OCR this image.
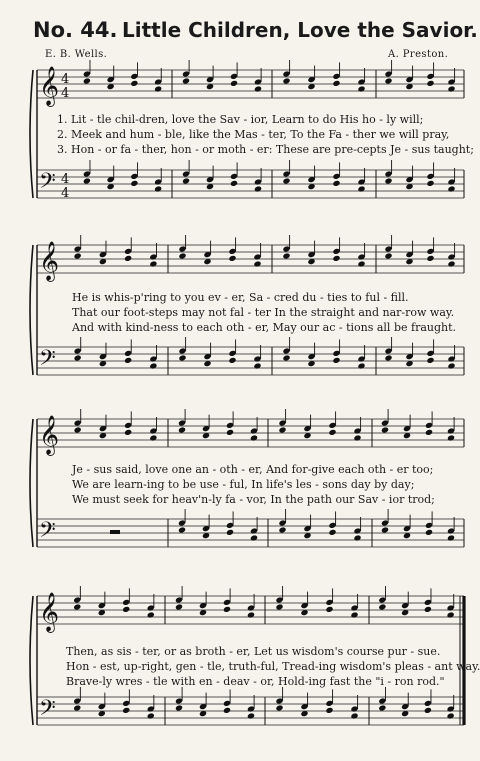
No. 44. Little Children, Love the Savior.
E. B. Wells.	A. Preston.
𝄞
𝄢
4
4
4
4
𝄞
𝄢
𝄞
𝄢
𝄞
𝄢
1. Lit - tle chil-dren, love the Sav - ior, Learn to do His ho - ly will;
2. Meek and hum - ble, like the Mas - ter, To the Fa - ther we will pray,
3. Hon - or fa - ther, hon - or moth - er: These are pre-cepts Je - sus taught;
He is whis-p'ring to you ev - er, Sa - cred du - ties to ful - fill.
That our foot-steps may not fal - ter In the straight and nar-row way.
And with kind-ness to each oth - er, May our ac - tions all be fraught.
Je - sus said, love one an - oth - er, And for-give each oth - er too;
We are learn-ing to be use - ful, In life's les - sons day by day;
We must seek for heav'n-ly fa - vor, In the path our Sav - ior trod;
Then, as sis - ter, or as broth - er, Let us wisdom's course pur - sue.
Hon - est, up-right, gen - tle, truth-ful, Tread-ing wisdom's pleas - ant way.
Brave-ly wres - tle with en - deav - or, Hold-ing fast the "i - ron rod."
